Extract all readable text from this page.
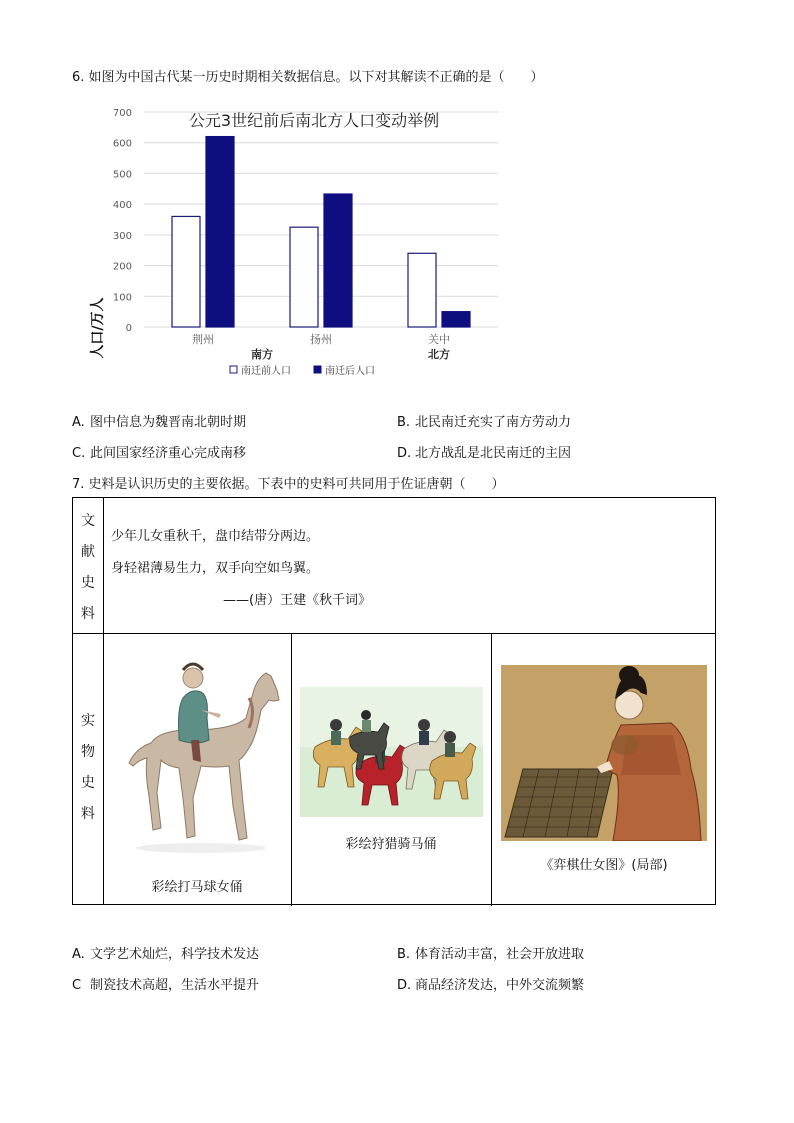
6. 如图为中国古代某一历史时期相关数据信息。以下对其解读不正确的是（　　）
0
100
200
300
400
500
600
700
荆州	扬州	关中
公元3世纪前后南北方人口变动举例
人口/万人	南方	北方
南迁前人口	南迁后人口
A. 图中信息为魏晋南北朝时期	B. 北民南迁充实了南方劳动力
C. 此间国家经济重心完成南移	D. 北方战乱是北民南迁的主因
7. 史料是认识历史的主要依据。下表中的史料可共同用于佐证唐朝（　　）
文
献
史
料
少年儿女重秋千，盘巾结带分两边。
身轻裙薄易生力，双手向空如鸟翼。
——(唐）王建《秋千词》
实
物
史
料
彩绘打马球女俑
彩绘狩猎骑马俑
《弈棋仕女图》(局部)
A. 文学艺术灿烂，科学技术发达	B. 体育活动丰富，社会开放进取
C 制瓷技术高超，生活水平提升	D. 商品经济发达，中外交流频繁
